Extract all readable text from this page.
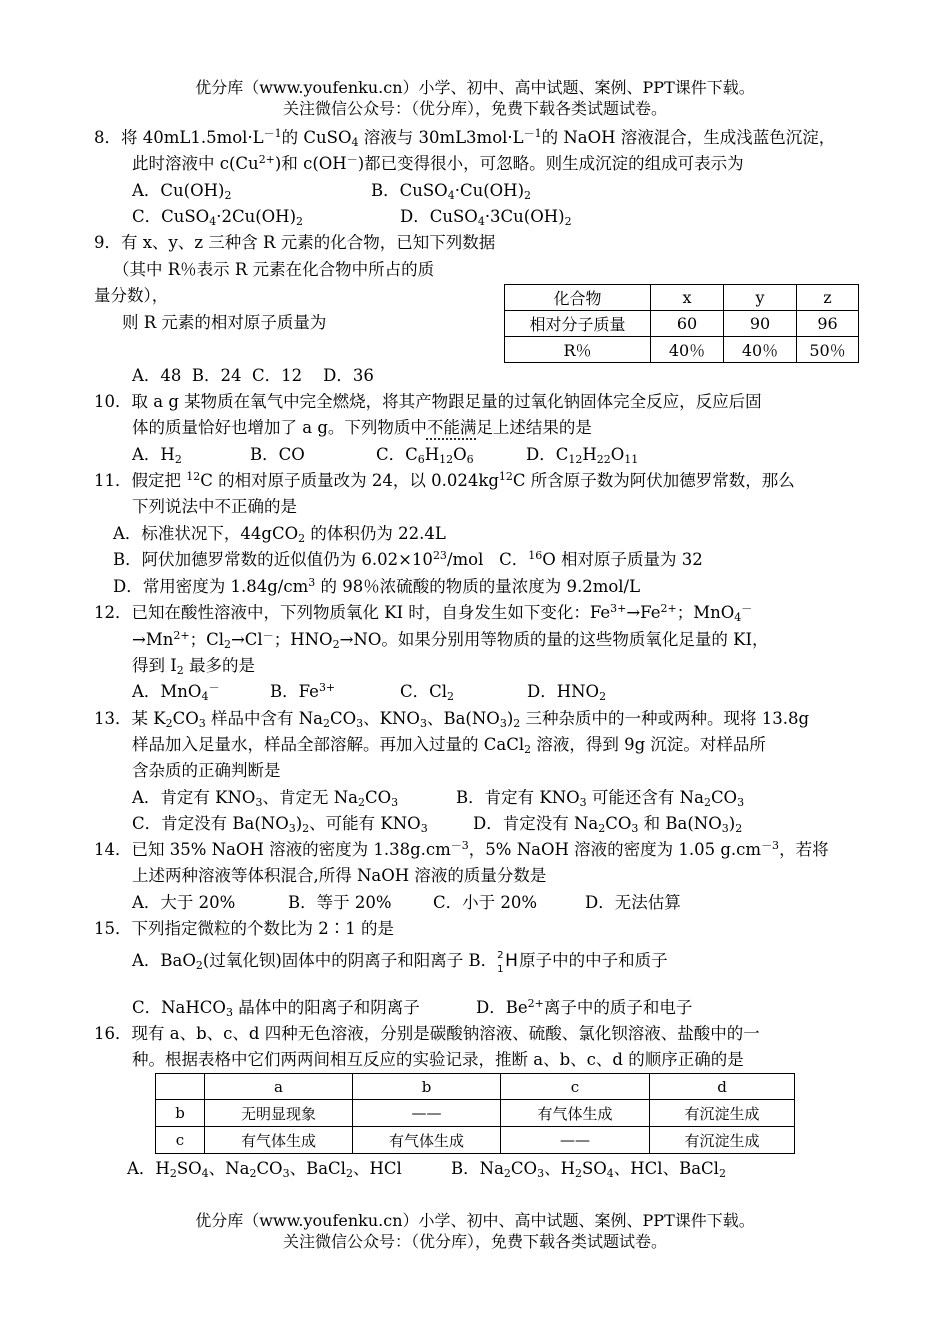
优分库（www.youfenku.cn）小学、初中、高中试题、案例、PPT课件下载。
关注微信公众号：（优分库），免费下载各类试题试卷。
8．将 $40mL1.5mol\cdot L^{-1}$的 CuSO$_4$ 溶液与 $30mL3mol\cdot L^{-1}$的 NaOH 溶液混合，生成浅蓝色沉淀，
此时溶液中 $c(Cu^{2+})$和 c(OH－)都已变得很小，可忽略。则生成沉淀的组成可表示为
A．$Cu(OH)_2$	B．$CuSO_4\cdot Cu(OH)_2$
C．$CuSO_4\cdot 2Cu(OH)_2$	D．$CuSO_4\cdot 3Cu(OH)_2$
9．有 x、y、z 三种含 R 元素的化合物，已知下列数据
（其中 R％表示 R 元素在化合物中所占的质
量分数），
则 R 元素的相对原子质量为
化合物	x	y	z
相对分子质量	60	90	96
R％	40％	40％	50％
A．48  B．24  C．12    D．36
10．取 a g 某物质在氧气中完全燃烧，将其产物跟足量的过氧化钠固体完全反应，反应后固
体的质量恰好也增加了 a g。下列物质中不能满足上述结果的是
A．$H_2$	B．CO	C．$C_6H_{12}O_6$	D．$C_{12}H_{22}O_{11}$
11．假定把 $^{12}$C 的相对原子质量改为 24，以 $0.024kg^{12}C$ 所含原子数为阿伏加德罗常数，那么
下列说法中不正确的是
A．标准状况下，44gCO$_2$ 的体积仍为 22.4L
B．阿伏加德罗常数的近似值仍为 $6.02\times 10^{23}$/mol   C．$^{16}$O 相对原子质量为 32
D．常用密度为 $1.84g/cm^3$ 的 98％浓硫酸的物质的量浓度为 9.2mol/L
12．已知在酸性溶液中，下列物质氧化 KI 时，自身发生如下变化：$Fe^{3+}\to Fe^{2+}$；MnO$_4$－
$\to Mn^{2+}$；$Cl_2\to Cl^-$；$HNO_2\to NO$。如果分别用等物质的量的这些物质氧化足量的 KI，
得到 $I_2$ 最多的是
A．MnO$_4$－	B．$Fe^{3+}$	C．$Cl_2$	D．$HNO_2$
13．某 $K_2CO_3$ 样品中含有 $Na_2CO_3$、$KNO_3$、$Ba(NO_3)_2$ 三种杂质中的一种或两种。现将 13.8g
样品加入足量水，样品全部溶解。再加入过量的 CaCl$_2$ 溶液，得到 9g 沉淀。对样品所
含杂质的正确判断是
A．肯定有 $KNO_3$、肯定无 $Na_2CO_3$	B．肯定有 $KNO_3$ 可能还含有 $Na_2CO_3$
C．肯定没有 $Ba(NO_3)_2$、可能有 $KNO_3$	D．肯定没有 $Na_2CO_3$ 和 $Ba(NO_3)_2$
14．已知 35% NaOH 溶液的密度为 $1.38g.cm^{-3}$，5% NaOH 溶液的密度为 1.05 $g.cm^{-3}$，若将
上述两种溶液等体积混合,所得 NaOH 溶液的质量分数是
A．大于 20%	B．等于 20%	C．小于 20%	D．无法估算
15．下列指定微粒的个数比为 2∶1 的是
A．BaO$_2$(过氧化钡)固体中的阴离子和阳离子 B． 2
1 H 原子中的中子和质子
C．NaHCO$_3$ 晶体中的阳离子和阴离子	D．$Be^{2+}$离子中的质子和电子
16．现有 a、b、c、d 四种无色溶液，分别是碳酸钠溶液、硫酸、氯化钡溶液、盐酸中的一
种。根据表格中它们两两间相互反应的实验记录，推断 a、b、c、d 的顺序正确的是
	a	b	c	d
b	无明显现象	——	有气体生成	有沉淀生成
c	有气体生成	有气体生成	——	有沉淀生成
A．$H_2SO_4$、$Na_2CO_3$、BaCl$_2$、HCl	B．$Na_2CO_3$、$H_2SO_4$、HCl、BaCl$_2$
优分库（www.youfenku.cn）小学、初中、高中试题、案例、PPT课件下载。
关注微信公众号：（优分库），免费下载各类试题试卷。
